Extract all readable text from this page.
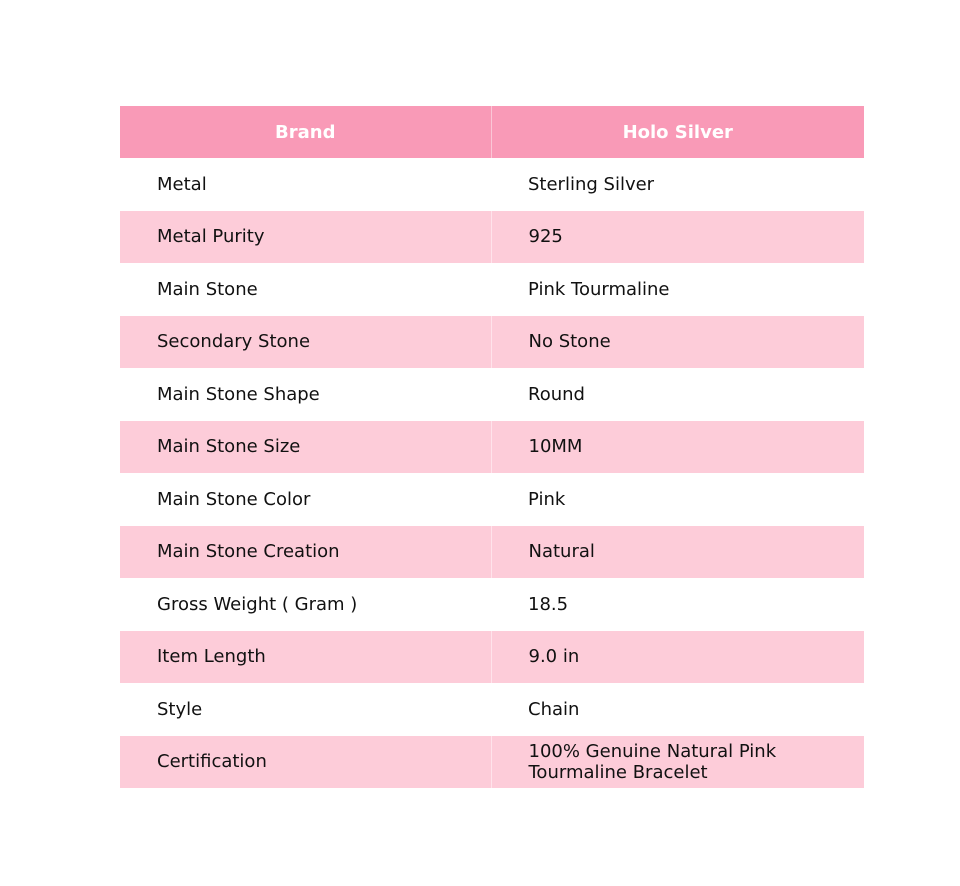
Brand	Holo Silver
Metal	Sterling Silver
Metal Purity	925
Main Stone	Pink Tourmaline
Secondary Stone	No Stone
Main Stone Shape	Round
Main Stone Size	10MM
Main Stone Color	Pink
Main Stone Creation	Natural
Gross Weight ( Gram )	18.5
Item Length	9.0 in
Style	Chain
Certification	100% Genuine Natural Pink Tourmaline Bracelet
